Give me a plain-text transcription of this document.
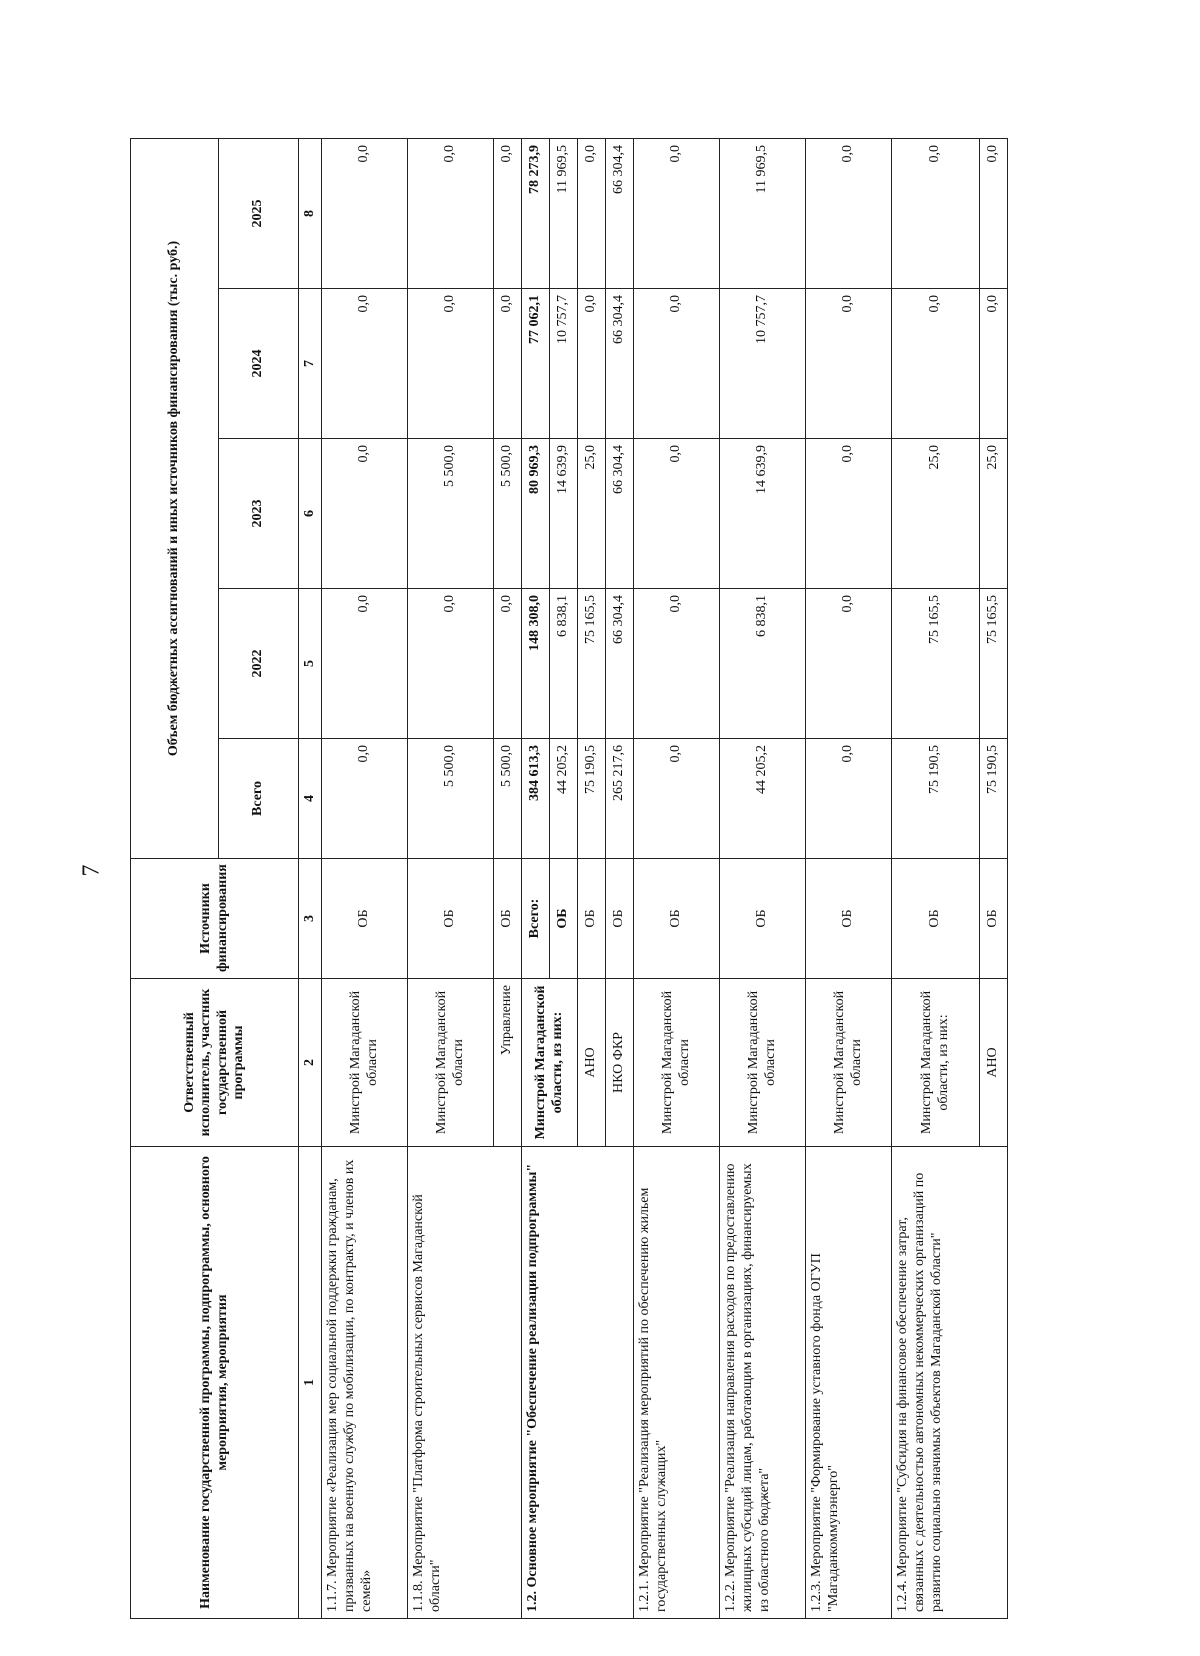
7
Наименование государственной программы, подпрограммы, основного мероприятия, мероприятия	Ответственный исполнитель, участник государственной программы	Источники финансирования	Объем бюджетных ассигнований и иных источников финансирования (тыс. руб.)				
			Всего	2022	2023	2024	2025
1	2	3	4	5	6	7	8
1.1.7. Мероприятие «Реализация мер социальной поддержки гражданам, призванных на военную службу по мобилизации, по контракту, и членов их семей»	Минстрой Магаданской области	ОБ	0,0	0,0	0,0	0,0	0,0
1.1.8. Мероприятие "Платформа строительных сервисов Магаданской области"	Минстрой Магаданской области	ОБ	5 500,0	0,0	5 500,0	0,0	0,0
	Управление	ОБ	5 500,0	0,0	5 500,0	0,0	0,0
1.2. Основное мероприятие "Обеспечение реализации подпрограммы"	Минстрой Магаданской области, из них:	Всего:	384 613,3	148 308,0	80 969,3	77 062,1	78 273,9
		ОБ	44 205,2	6 838,1	14 639,9	10 757,7	11 969,5
	АНО	ОБ	75 190,5	75 165,5	25,0	0,0	0,0
	НКО ФКР	ОБ	265 217,6	66 304,4	66 304,4	66 304,4	66 304,4
1.2.1. Мероприятие "Реализация мероприятий по обеспечению жильем государственных служащих"	Минстрой Магаданской области	ОБ	0,0	0,0	0,0	0,0	0,0
1.2.2. Мероприятие "Реализация направления расходов по предоставлению жилищных субсидий лицам, работающим в организациях, финансируемых из областного бюджета"	Минстрой Магаданской области	ОБ	44 205,2	6 838,1	14 639,9	10 757,7	11 969,5
1.2.3. Мероприятие "Формирование уставного фонда ОГУП "Магаданкоммунэнерго"	Минстрой Магаданской области	ОБ	0,0	0,0	0,0	0,0	0,0
1.2.4. Мероприятие "Субсидия на финансовое обеспечение затрат, связанных с деятельностью автономных некоммерческих организаций по развитию социально значимых объектов Магаданской области"	Минстрой Магаданской области, из них:	ОБ	75 190,5	75 165,5	25,0	0,0	0,0
	АНО	ОБ	75 190,5	75 165,5	25,0	0,0	0,0
